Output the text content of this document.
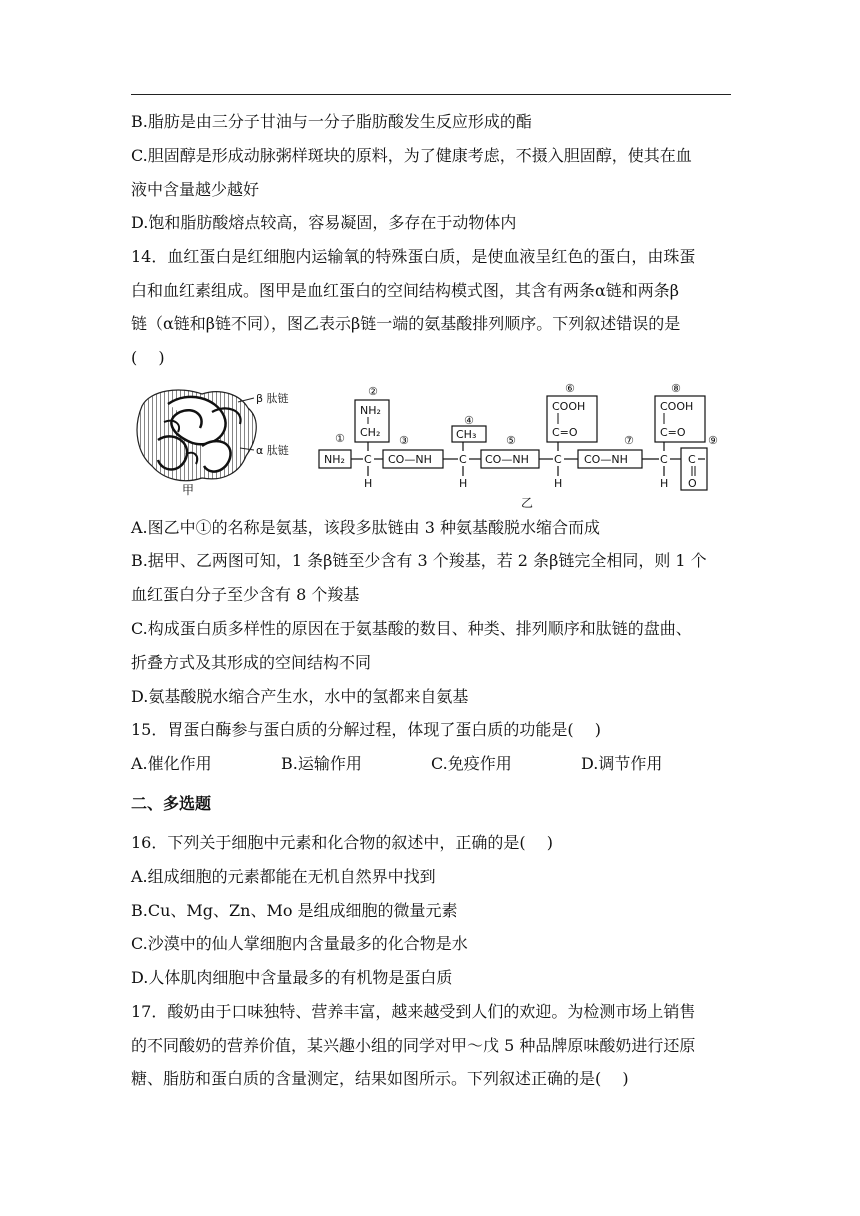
B.脂肪是由三分子甘油与一分子脂肪酸发生反应形成的酯
C.胆固醇是形成动脉粥样斑块的原料，为了健康考虑，不摄入胆固醇，使其在血
液中含量越少越好
D.饱和脂肪酸熔点较高，容易凝固，多存在于动物体内
14．血红蛋白是红细胞内运输氧的特殊蛋白质，是使血液呈红色的蛋白，由珠蛋
白和血红素组成。图甲是血红蛋白的空间结构模式图，其含有两条α链和两条β
链（α链和β链不同），图乙表示β链一端的氨基酸排列顺序。下列叙述错误的是
(　 )
β 肽链
α 肽链
甲
①
②
③
④
⑤
⑥
⑦
⑧
⑨
NH₂ C
H
NH₂
CH₂
CO—NH C
H
CH₃
CO—NH C
H
COOH
C=O
CO—NH	C
H
COOH
C=O
C
O
乙
A.图乙中①的名称是氨基，该段多肽链由 3 种氨基酸脱水缩合而成
B.据甲、乙两图可知，1 条β链至少含有 3 个羧基，若 2 条β链完全相同，则 1 个
血红蛋白分子至少含有 8 个羧基
C.构成蛋白质多样性的原因在于氨基酸的数目、种类、排列顺序和肽链的盘曲、
折叠方式及其形成的空间结构不同
D.氨基酸脱水缩合产生水，水中的氢都来自氨基
15．胃蛋白酶参与蛋白质的分解过程，体现了蛋白质的功能是(　 )
A.催化作用	B.运输作用	C.免疫作用	D.调节作用
二、多选题
16．下列关于细胞中元素和化合物的叙述中，正确的是(　 )
A.组成细胞的元素都能在无机自然界中找到
B.Cu、Mg、Zn、Mo 是组成细胞的微量元素
C.沙漠中的仙人掌细胞内含量最多的化合物是水
D.人体肌肉细胞中含量最多的有机物是蛋白质
17．酸奶由于口味独特、营养丰富，越来越受到人们的欢迎。为检测市场上销售
的不同酸奶的营养价值，某兴趣小组的同学对甲～戊 5 种品牌原味酸奶进行还原
糖、脂肪和蛋白质的含量测定，结果如图所示。下列叙述正确的是(　 )
